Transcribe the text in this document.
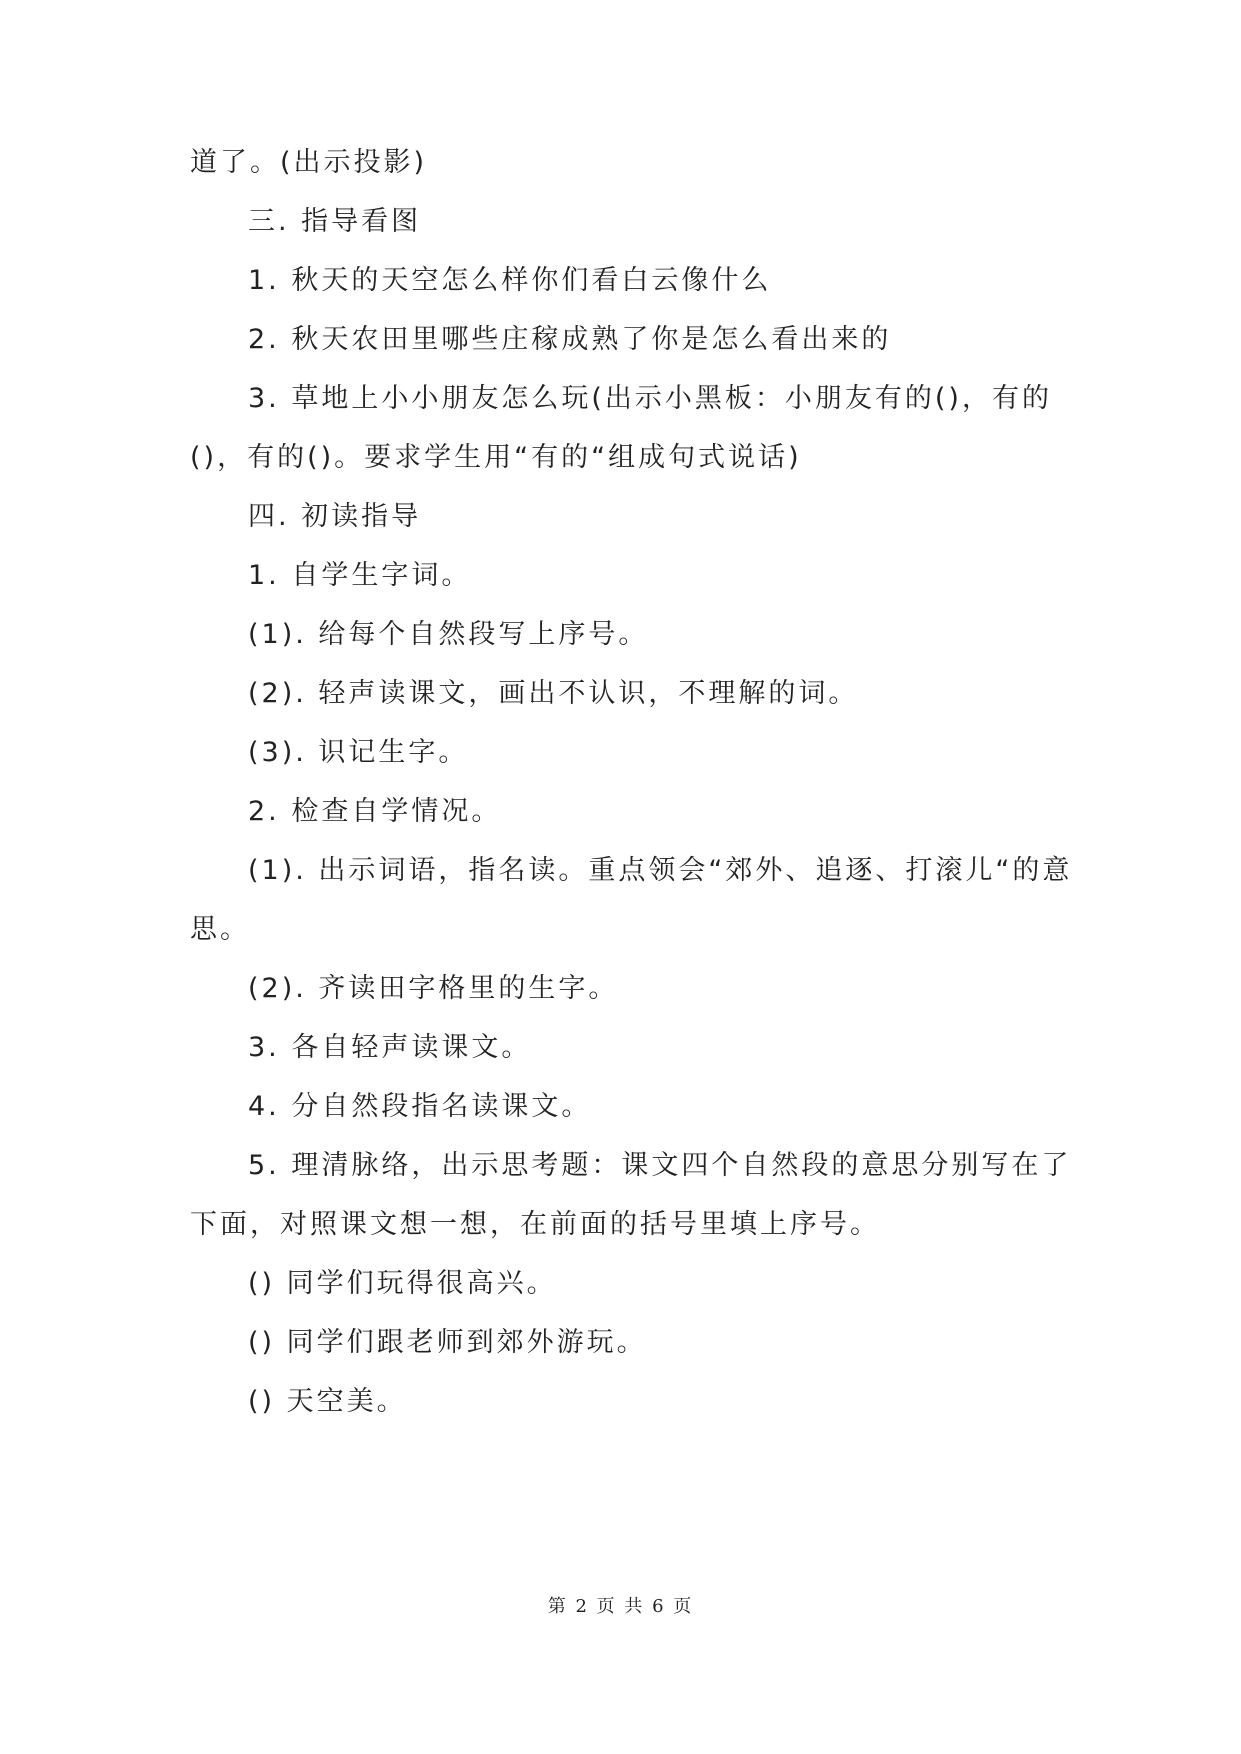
道了。(出示投影)
三. 指导看图
1. 秋天的天空怎么样你们看白云像什么
2. 秋天农田里哪些庄稼成熟了你是怎么看出来的
3. 草地上小小朋友怎么玩(出示小黑板：小朋友有的()，有的
()，有的()。要求学生用“有的“组成句式说话)
四. 初读指导
1. 自学生字词。
(1). 给每个自然段写上序号。
(2). 轻声读课文，画出不认识，不理解的词。
(3). 识记生字。
2. 检查自学情况。
(1). 出示词语，指名读。重点领会“郊外、追逐、打滚儿“的意
思。
(2). 齐读田字格里的生字。
3. 各自轻声读课文。
4. 分自然段指名读课文。
5. 理清脉络，出示思考题：课文四个自然段的意思分别写在了
下面，对照课文想一想，在前面的括号里填上序号。
() 同学们玩得很高兴。
() 同学们跟老师到郊外游玩。
() 天空美。
第 2 页 共 6 页
